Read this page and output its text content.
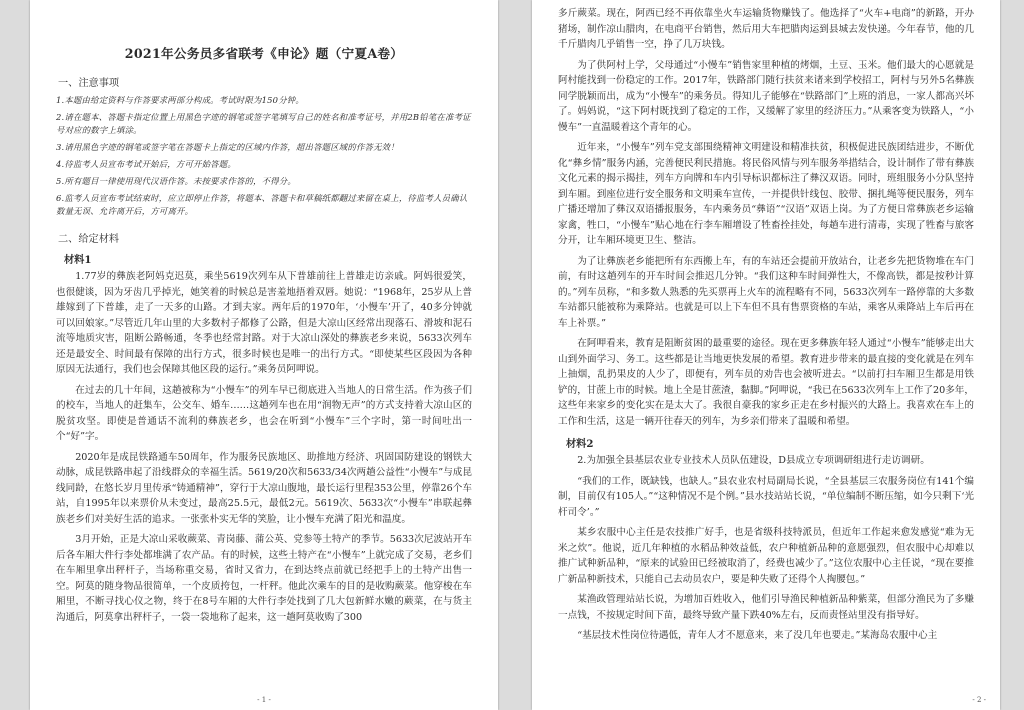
2021年公务员多省联考《申论》题（宁夏A卷）
一、注意事项
1.本题由给定资料与作答要求两部分构成。考试时限为150分钟。
2.请在题本、答题卡指定位置上用黑色字迹的钢笔或签字笔填写自己的姓名和准考证号，并用2B铅笔在准考证号对应的数字上填涂。
3.请用黑色字迹的钢笔或签字笔在答题卡上指定的区域内作答，超出答题区域的作答无效！
4.待监考人员宣布考试开始后，方可开始答题。
5.所有题目一律使用现代汉语作答。未按要求作答的，不得分。
6.监考人员宣布考试结束时，应立即停止作答，将题本、答题卡和草稿纸都翻过来留在桌上，待监考人员确认数量无误、允许离开后，方可离开。
二、给定材料
材料1

1.77岁的彝族老阿妈克迟莫，乘坐5619次列车从下普雄前往上普雄走访亲戚。阿妈很爱笑，也很健谈，因为牙齿几乎掉光，她笑着的时候总是害羞地捂着双唇。她说：“1968年，25岁从上普雄嫁到了下普雄，走了一天多的山路。才到夫家。两年后的1970年，‘小慢车’开了，40多分钟就可以回娘家。”尽管近几年山里的大多数村子都修了公路，但是大凉山区经常出现落石、滑坡和泥石流等地质灾害，阻断公路畅通，冬季也经常封路。对于大凉山深处的彝族老乡来说，5633次列车还是最安全、时间最有保障的出行方式，很多时候也是唯一的出行方式。“即使某些区段因为各种原因无法通行，我们也会保障其他区段的运行。”乘务员阿呷说。

在过去的几十年间，这趟被称为“小慢车”的列车早已彻底进入当地人的日常生活。作为孩子们的校车，当地人的赶集车，公交车、婚车……这趟列车也在用“润物无声”的方式支持着大凉山区的脱贫攻坚。即使是普通话不流利的彝族老乡，也会在听到“小慢车”三个字时，第一时间吐出一个“好”字。

2020年是成昆铁路通车50周年，作为服务民族地区、助推地方经济、巩固国防建设的钢铁大动脉，成昆铁路串起了沿线群众的幸福生活。5619/20次和5633/34次两趟公益性“小慢车”与成昆线同龄，在悠长岁月里传承“铸通精神”，穿行于大凉山腹地，最长运行里程353公里，停靠26个车站，自1995年以来票价从未变过，最高25.5元，最低2元。5619次、5633次“小慢车”串联起彝族老乡们对美好生活的追求。一张张朴实无华的笑脸，让小慢车充满了阳光和温度。

3月开始，正是大凉山采收蕨菜、青岗藤、蒲公英、党参等土特产的季节。5633次尼波站开车后各车厢大件行李处都堆满了农产品。有的时候，这些土特产在“小慢车”上就完成了交易，老乡们在车厢里拿出秤杆子，当场称重交易，省时又省力，在到达终点前就已经把手上的土特产出售一空。阿莫的随身物品很简单，一个皮质挎包，一杆秤。他此次乘车的目的是收购蕨菜。他穿梭在车厢里，不断寻找心仪之物，终于在8号车厢的大件行李处找到了几大包新鲜水嫩的蕨菜，在与货主沟通后，阿莫拿出秤杆子，一袋一袋地称了起来，这一趟阿莫收购了300

- 1 -

多斤蕨菜。现在，阿西已经不再依靠坐火车运输货物赚钱了。他选择了“火车+电商”的新路，开办猪场，制作凉山腊肉，在电商平台销售，然后用大车把腊肉运到县城去发快递。今年春节，他的几千斤腊肉几乎销售一空，挣了几万块钱。

为了供阿村上学，父母通过“小慢车”销售家里种植的烤烟，土豆、玉米。他们最大的心愿就是阿村能找到一份稳定的工作。2017年，铁路部门随行扶贫来诸来到学校招工，阿村与另外5名彝族同学脱颖而出，成为“小慢车”的乘务员。得知儿子能够在“铁路部门”上班的消息，一家人都高兴坏了。妈妈说，“这下阿村既找到了稳定的工作，又缓解了家里的经济压力。”从乘客变为铁路人，“小慢车”一直温暖着这个青年的心。

近年来，“小慢车”列车党支部围绕精神文明建设和精准扶贫，积极促进民族团结进步，不断优化“彝乡情”服务内涵，完善便民利民措施。将民俗风情与列车服务举措结合，设计制作了带有彝族文化元素的揭示揭挂，列车方向牌和车内引导标识都标注了彝汉双语。同时，班组服务小分队坚持到车厢。到座位进行安全服务和文明乘车宣传，一并提供针线包、胶带、捆扎绳等便民服务，列车广播还增加了彝汉双语播报服务，车内乘务员“彝语”“汉语”双语上岗。为了方便日常彝族老乡运输家禽，牲口，“小慢车”贴心地在行李车厢增设了牲畜拴挂处，每趟车进行清毒，实现了牲畜与旅客分开，让车厢环境更卫生、整洁。

为了让彝族老乡能把所有东西搬上车，有的车站还会提前开放站台，让老乡先把货物堆在车门前，有时这趟列车的开车时间会推迟几分钟。“我们这种车时间弹性大，不像高铁，都是按秒计算的。”列车员称，“和多数人熟悉的先买票再上火车的流程略有不同，5633次列车一路停靠的大多数车站都只能被称为乘降站。也就是可以上下车但不具有售票资格的车站，乘客从乘降站上车后再在车上补票。”

在阿呷看来，教育是阻断贫困的最重要的途径。现在更多彝族年轻人通过“小慢车”能够走出大山到外面学习、务工。这些都是让当地更快发展的希望。教育进步带来的最直接的变化就是在列车上抽烟，乱扔果皮的人少了，即便有，列车员的劝告也会被听进去。“以前打扫车厢卫生都是用铁铲的，甘蔗上市的时候。地上全是甘蔗渣，黏脚。”阿呷说，“我已在5633次列车上工作了20多年，这些年来家乡的变化实在是太大了。我很自豪我的家乡正走在乡村振兴的大路上。我喜欢在车上的工作和生活，这是一辆开往春天的列车，为乡亲们带来了温暖和希望。

材料2

2.为加强全县基层农业专业技术人员队伍建设，D县成立专项调研组进行走访调研。

“我们的工作，既缺钱，也缺人。”县农业农村局副局长说，“全县基层三农服务岗位有141个编制，目前仅有105人。”“这种情况不是个例。”县水技站站长说，“单位编制不断压缩，如今只剩下‘光杆司令’。”

某乡农服中心主任是农技推广好手，也是省级科技特派员，但近年工作起来愈发感觉“难为无米之炊”。他说，近几年种植的水稻品种效益低，农户种植新品种的意愿强烈，但农服中心却难以推广试种新品种，“原来的试验田已经被取消了，经费也减少了。”这位农服中心主任说，“现在要推广新品种新技术，只能自己去动员农户，要是种失败了还得个人掏腰包。”

某渔政管理站站长说，为增加百姓收入，他们引导渔民种植新品种紫菜，但部分渔民为了多赚一点钱，不按规定时间下苗，最终导致产量下跌40%左右，反而责怪站里没有指导好。

“基层技术性岗位待遇低，青年人才不愿意来，来了没几年也要走。”某海岛农服中心主

- 2 -
